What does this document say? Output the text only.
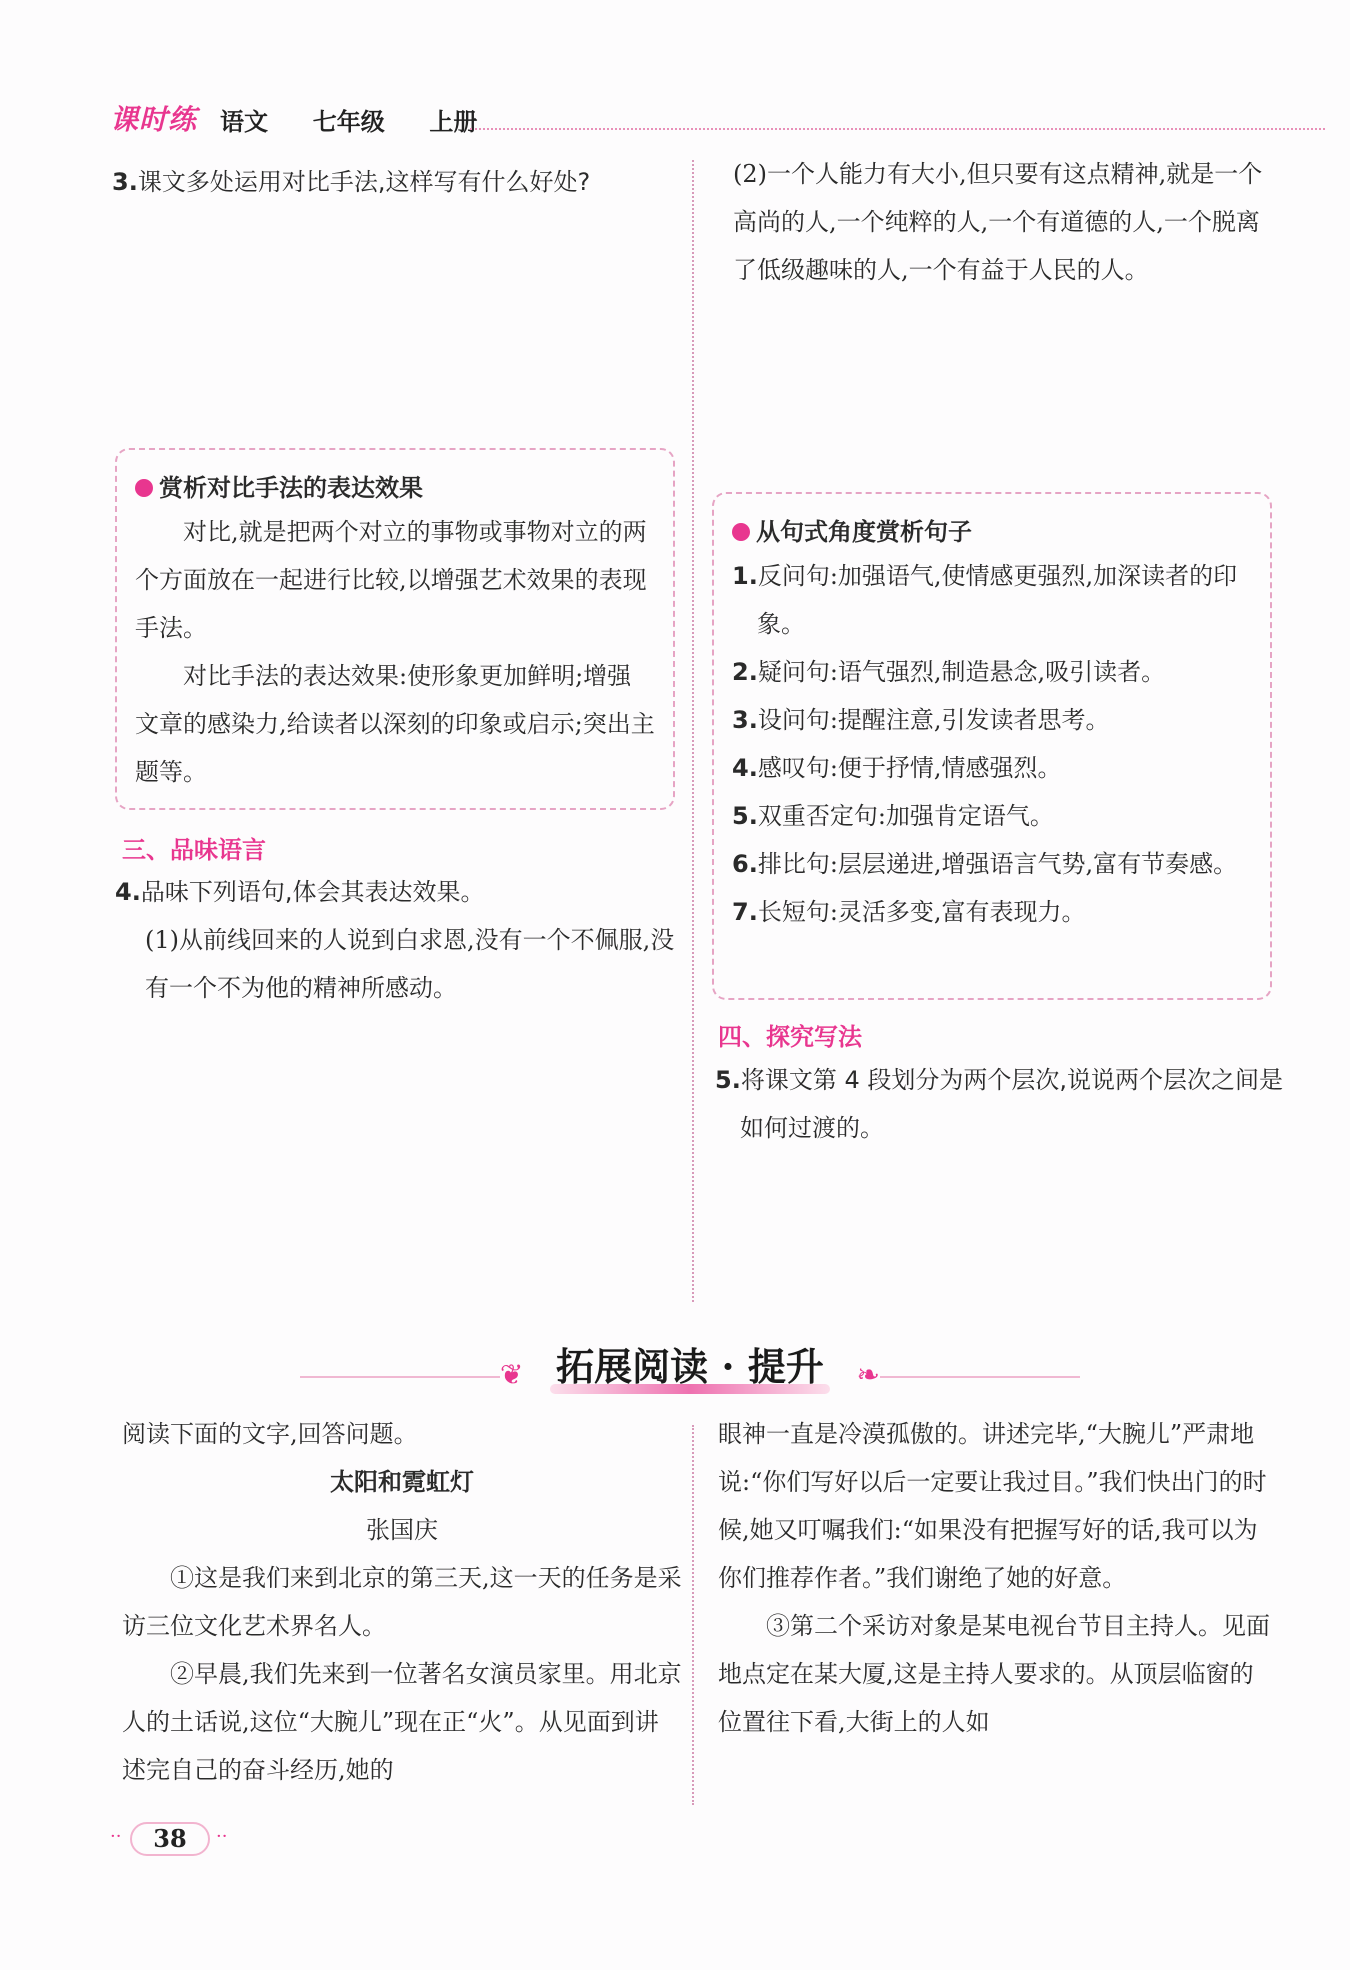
课时练 语文  七年级  上册
3.课文多处运用对比手法,这样写有什么好处?
赏析对比手法的表达效果
对比,就是把两个对立的事物或事物对立的两个方面放在一起进行比较,以增强艺术效果的表现手法。
对比手法的表达效果:使形象更加鲜明;增强文章的感染力,给读者以深刻的印象或启示;突出主题等。
三、品味语言
4.品味下列语句,体会其表达效果。
(1)从前线回来的人说到白求恩,没有一个不佩服,没有一个不为他的精神所感动。
(2)一个人能力有大小,但只要有这点精神,就是一个高尚的人,一个纯粹的人,一个有道德的人,一个脱离了低级趣味的人,一个有益于人民的人。
从句式角度赏析句子
1.反问句:加强语气,使情感更强烈,加深读者的印象。
2.疑问句:语气强烈,制造悬念,吸引读者。
3.设问句:提醒注意,引发读者思考。
4.感叹句:便于抒情,情感强烈。
5.双重否定句:加强肯定语气。
6.排比句:层层递进,增强语言气势,富有节奏感。
7.长短句:灵活多变,富有表现力。
四、探究写法
5.将课文第 4 段划分为两个层次,说说两个层次之间是如何过渡的。
❦ 拓展阅读 · 提升	❧
阅读下面的文字,回答问题。
太阳和霓虹灯
张国庆
①这是我们来到北京的第三天,这一天的任务是采访三位文化艺术界名人。
②早晨,我们先来到一位著名女演员家里。用北京人的土话说,这位“大腕儿”现在正“火”。从见面到讲述完自己的奋斗经历,她的
眼神一直是冷漠孤傲的。讲述完毕,“大腕儿”严肃地说:“你们写好以后一定要让我过目。”我们快出门的时候,她又叮嘱我们:“如果没有把握写好的话,我可以为你们推荐作者。”我们谢绝了她的好意。
③第二个采访对象是某电视台节目主持人。见面地点定在某大厦,这是主持人要求的。从顶层临窗的位置往下看,大街上的人如
··	38	··
